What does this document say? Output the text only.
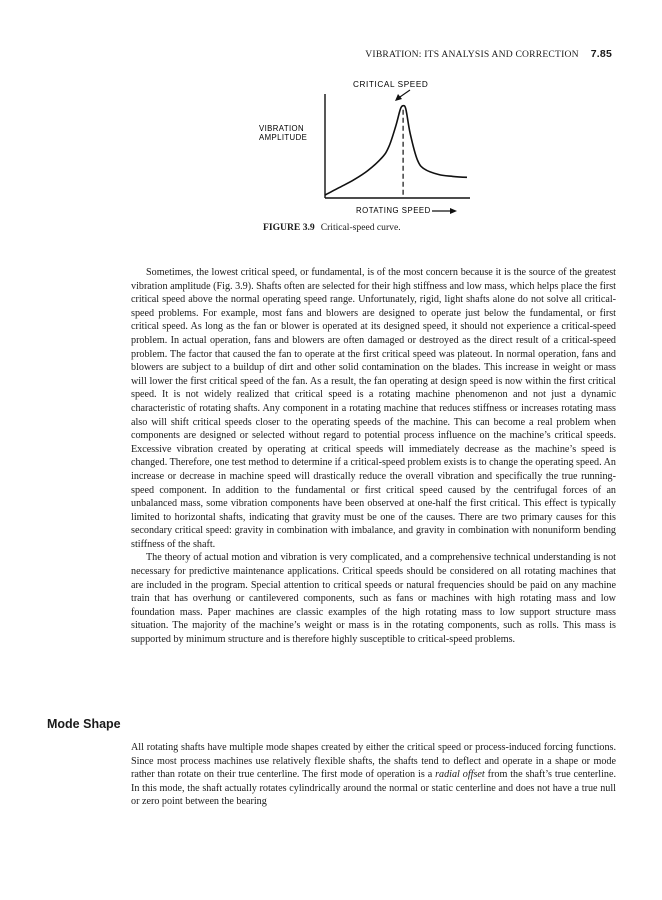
VIBRATION: ITS ANALYSIS AND CORRECTION 7.85
CRITICAL SPEED
VIBRATION
AMPLITUDE
ROTATING SPEED
FIGURE 3.9 Critical-speed curve.

Sometimes, the lowest critical speed, or fundamental, is of the most concern because it is the source of the greatest vibration amplitude (Fig. 3.9). Shafts often are selected for their high stiffness and low mass, which helps place the first critical speed above the normal operating speed range. Unfortunately, rigid, light shafts alone do not solve all critical-speed problems. For example, most fans and blowers are designed to operate just below the fundamental, or first critical speed. As long as the fan or blower is operated at its designed speed, it should not experience a critical-speed problem. In actual operation, fans and blowers are often damaged or destroyed as the direct result of a critical-speed problem. The factor that caused the fan to operate at the first critical speed was plateout. In normal operation, fans and blowers are subject to a buildup of dirt and other solid contamination on the blades. This increase in weight or mass will lower the first critical speed of the fan. As a result, the fan operating at design speed is now within the first critical speed. It is not widely realized that critical speed is a rotating machine phenomenon and not just a dynamic characteristic of rotating shafts. Any component in a rotating machine that reduces stiffness or increases rotating mass also will shift critical speeds closer to the operating speeds of the machine. This can become a real problem when components are designed or selected without regard to potential process influence on the machine’s critical speeds. Excessive vibration created by operating at critical speeds will immediately decrease as the machine’s speed is changed. Therefore, one test method to determine if a critical-speed problem exists is to change the operating speed. An increase or decrease in machine speed will drastically reduce the overall vibration and specifically the true running-speed component. In addition to the fundamental or first critical speed caused by the centrifugal forces of an unbalanced mass, some vibration components have been observed at one-half the first critical. This effect is typically limited to horizontal shafts, indicating that gravity must be one of the causes. There are two primary causes for this secondary critical speed: gravity in combination with imbalance, and gravity in combination with nonuniform bending stiffness of the shaft.

The theory of actual motion and vibration is very complicated, and a comprehensive technical understanding is not necessary for predictive maintenance applications. Critical speeds should be considered on all rotating machines that are included in the program. Special attention to critical speeds or natural frequencies should be paid on any machine train that has overhung or cantilevered components, such as fans or machines with high rotating mass and low foundation mass. Paper machines are classic examples of the high rotating mass to low support structure mass situation. The majority of the machine’s weight or mass is in the rotating components, such as rolls. This mass is supported by minimum structure and is therefore highly susceptible to critical-speed problems.

Mode Shape

All rotating shafts have multiple mode shapes created by either the critical speed or process-induced forcing functions. Since most process machines use relatively flexible shafts, the shafts tend to deflect and operate in a shape or mode rather than rotate on their true centerline. The first mode of operation is a radial offset from the shaft’s true centerline. In this mode, the shaft actually rotates cylindrically around the normal or static centerline and does not have a true null or zero point between the bearing
